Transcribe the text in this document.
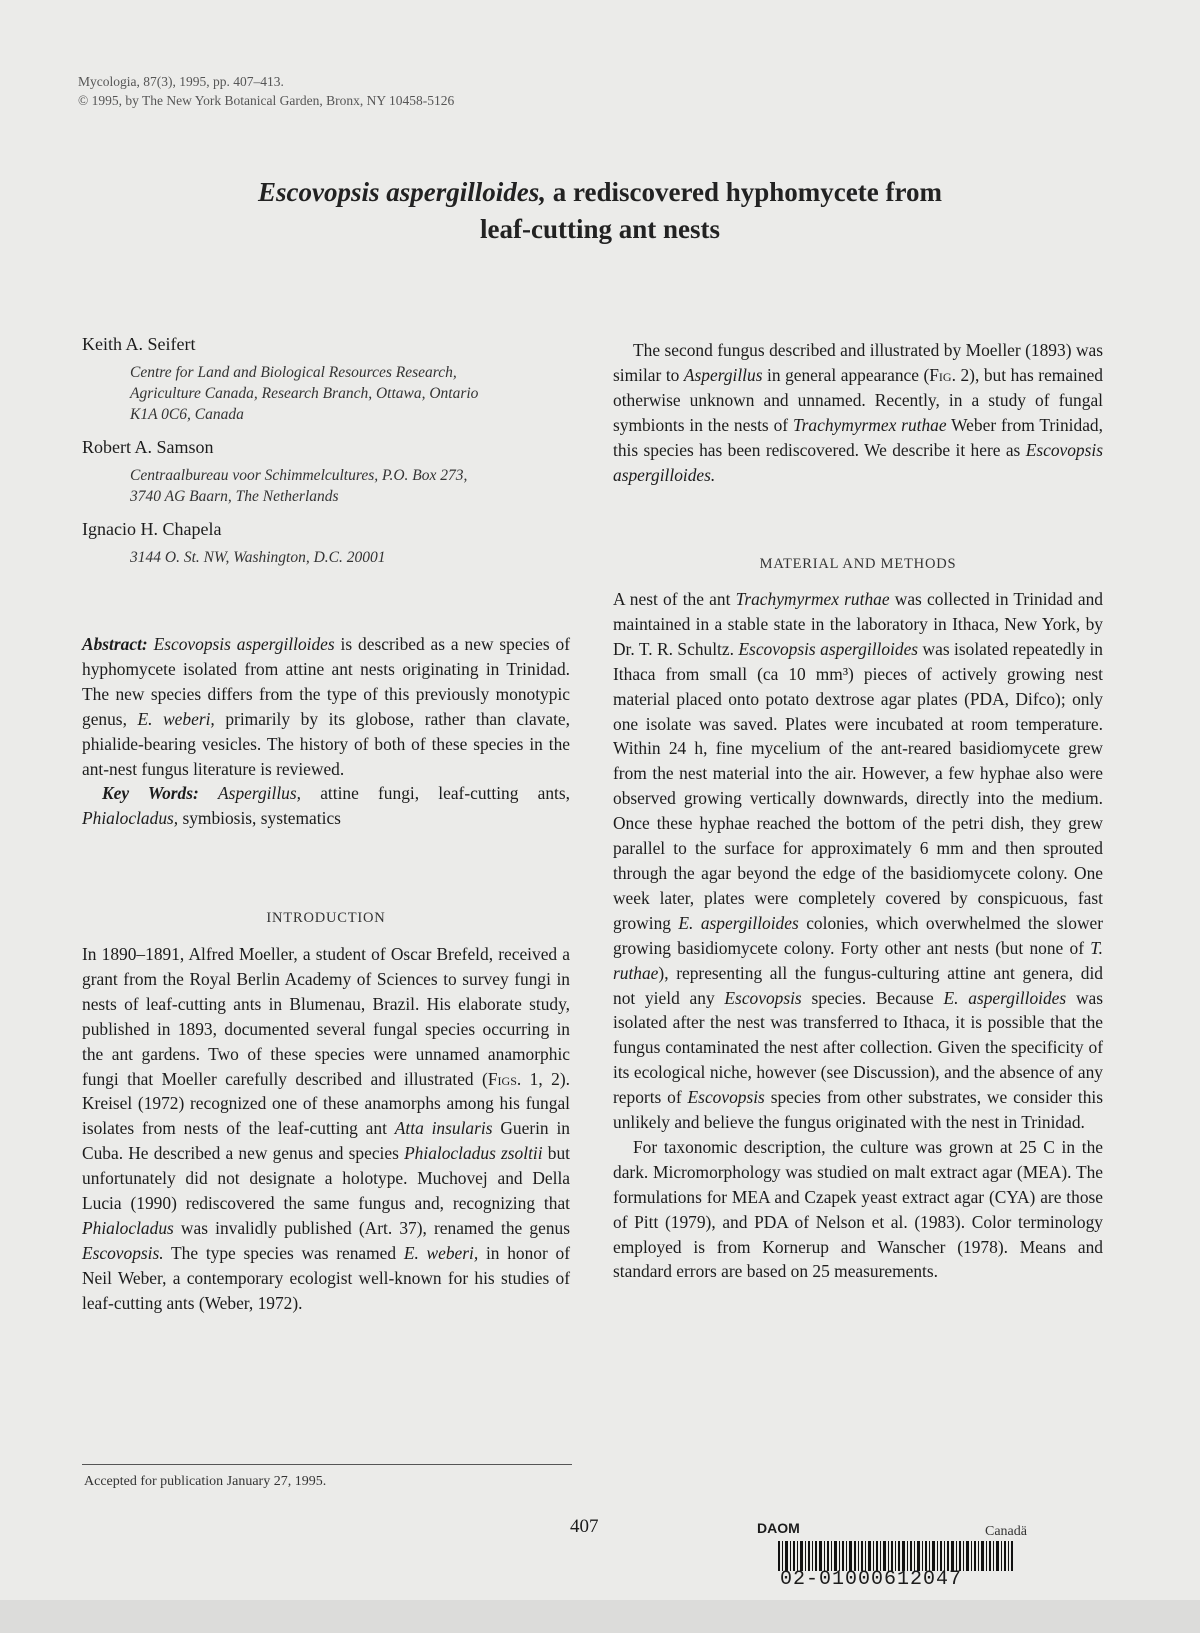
Mycologia, 87(3), 1995, pp. 407–413.
© 1995, by The New York Botanical Garden, Bronx, NY 10458-5126
Escovopsis aspergilloides, a rediscovered hyphomycete from
leaf-cutting ant nests

Keith A. Seifert

Centre for Land and Biological Resources Research,

Agriculture Canada, Research Branch, Ottawa, Ontario

K1A 0C6, Canada

Robert A. Samson

Centraalbureau voor Schimmelcultures, P.O. Box 273,

3740 AG Baarn, The Netherlands

Ignacio H. Chapela

3144 O. St. NW, Washington, D.C. 20001

Abstract: Escovopsis aspergilloides is described as a new species of hyphomycete isolated from attine ant nests originating in Trinidad. The new species differs from the type of this previously monotypic genus, E. weberi, primarily by its globose, rather than clavate, phialide-bearing vesicles. The history of both of these species in the ant-nest fungus literature is reviewed.

Key Words: Aspergillus, attine fungi, leaf-cutting ants, Phialocladus, symbiosis, systematics

INTRODUCTION

In 1890–1891, Alfred Moeller, a student of Oscar Brefeld, received a grant from the Royal Berlin Academy of Sciences to survey fungi in nests of leaf-cutting ants in Blumenau, Brazil. His elaborate study, published in 1893, documented several fungal species occurring in the ant gardens. Two of these species were unnamed anamorphic fungi that Moeller carefully described and illustrated (Figs. 1, 2). Kreisel (1972) recognized one of these anamorphs among his fungal isolates from nests of the leaf-cutting ant Atta insularis Guerin in Cuba. He described a new genus and species Phialocladus zsoltii but unfortunately did not designate a holotype. Muchovej and Della Lucia (1990) rediscovered the same fungus and, recognizing that Phialocladus was invalidly published (Art. 37), renamed the genus Escovopsis. The type species was renamed E. weberi, in honor of Neil Weber, a contemporary ecologist well-known for his studies of leaf-cutting ants (Weber, 1972).

Accepted for publication January 27, 1995.

The second fungus described and illustrated by Moeller (1893) was similar to Aspergillus in general appearance (Fig. 2), but has remained otherwise unknown and unnamed. Recently, in a study of fungal symbionts in the nests of Trachymyrmex ruthae Weber from Trinidad, this species has been rediscovered. We describe it here as Escovopsis aspergilloides.

MATERIAL AND METHODS

A nest of the ant Trachymyrmex ruthae was collected in Trinidad and maintained in a stable state in the laboratory in Ithaca, New York, by Dr. T. R. Schultz. Escovopsis aspergilloides was isolated repeatedly in Ithaca from small (ca 10 mm³) pieces of actively growing nest material placed onto potato dextrose agar plates (PDA, Difco); only one isolate was saved. Plates were incubated at room temperature. Within 24 h, fine mycelium of the ant-reared basidiomycete grew from the nest material into the air. However, a few hyphae also were observed growing vertically downwards, directly into the medium. Once these hyphae reached the bottom of the petri dish, they grew parallel to the surface for approximately 6 mm and then sprouted through the agar beyond the edge of the basidiomycete colony. One week later, plates were completely covered by conspicuous, fast growing E. aspergilloides colonies, which overwhelmed the slower growing basidiomycete colony. Forty other ant nests (but none of T. ruthae), representing all the fungus-culturing attine ant genera, did not yield any Escovopsis species. Because E. aspergilloides was isolated after the nest was transferred to Ithaca, it is possible that the fungus contaminated the nest after collection. Given the specificity of its ecological niche, however (see Discussion), and the absence of any reports of Escovopsis species from other substrates, we consider this unlikely and believe the fungus originated with the nest in Trinidad.

For taxonomic description, the culture was grown at 25 C in the dark. Micromorphology was studied on malt extract agar (MEA). The formulations for MEA and Czapek yeast extract agar (CYA) are those of Pitt (1979), and PDA of Nelson et al. (1983). Color terminology employed is from Kornerup and Wanscher (1978). Means and standard errors are based on 25 measurements.

407	DAOM	Canadä
02-01000612047
